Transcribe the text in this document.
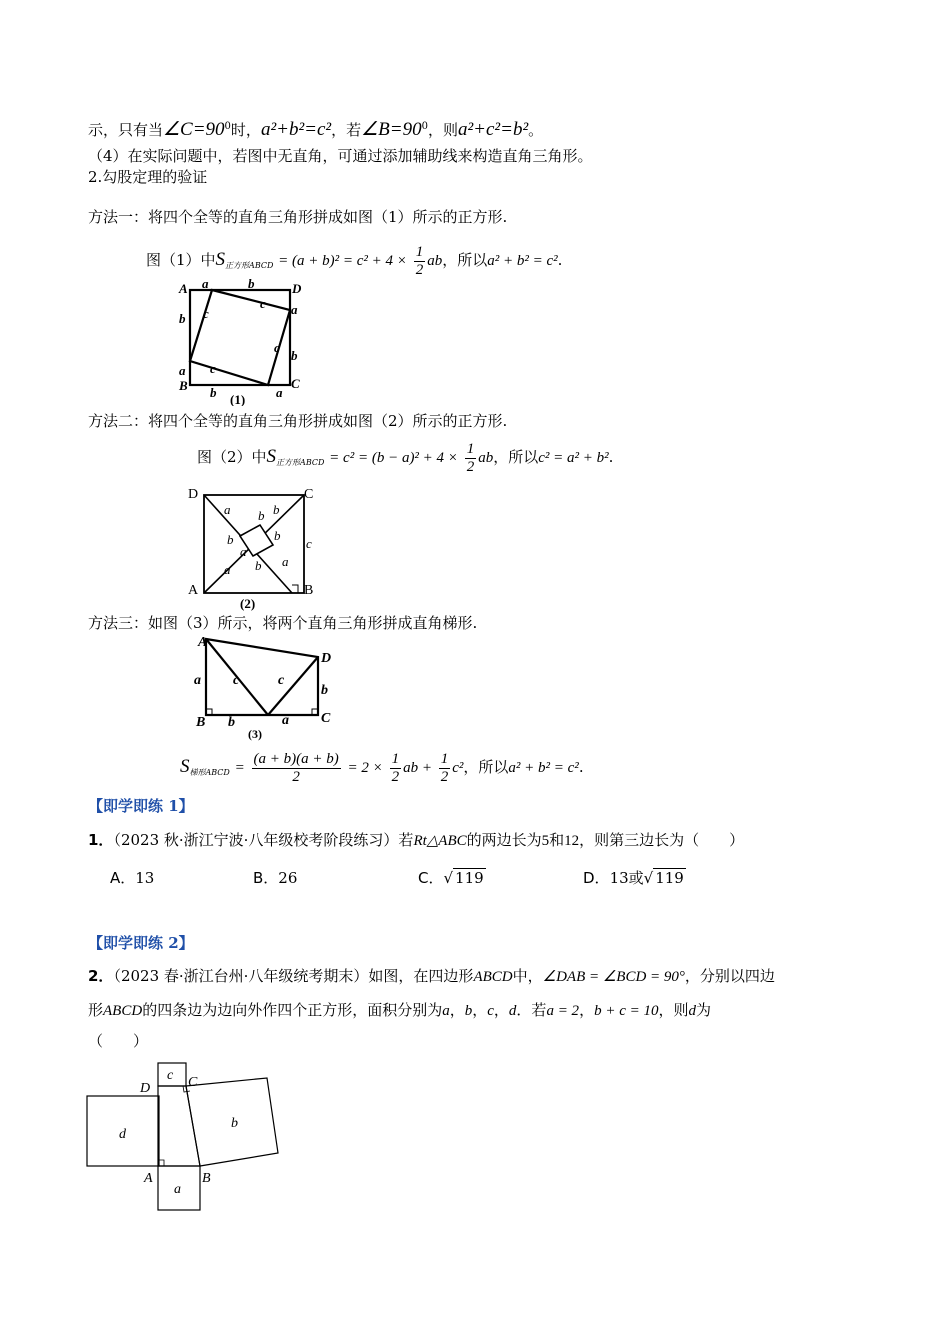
示，只有当$\angle C=90^0$时，a²+b²=c²，若$\angle B=90^0$，则a²+c²=b²。
（4）在实际问题中，若图中无直角，可通过添加辅助线来构造直角三角形。
2.勾股定理的验证
方法一：将四个全等的直角三角形拼成如图（1）所示的正方形.
图（1）中$S_{正方形ABCD} = (a + b)^2 = c^2 + 4 \times \frac{1}{2}$ ab，所以a² + b² = c².
A	D
B	C
a	b
b
a
a
b
b	a
c
c
c
c
(1)
方法二：将四个全等的直角三角形拼成如图（2）所示的正方形.
图（2）中$S_{正方形ABCD} = c^2 = (b - a)^2 + 4 \times \frac{1}{2}$ ab，所以c² = a² + b².
D	C
A	B
a b b
b
a
b
a
a b
c
(2)
方法三：如图（3）所示，将两个直角三角形拼成直角梯形.
A
D
B	C
a c	c
b
b	a
(3)
$S_{梯形ABCD} = \frac{(a + b)(a + b)}{2} = 2 \times \frac{1}{2}$ ab + $\frac{1}{2} c^2$，所以a² + b² = c².
【即学即练 1】
1．（2023 秋·浙江宁波·八年级校考阶段练习）若Rt△ABC的两边长为5和12，则第三边长为（　　）
A．13	B．26	C．√ 119	D．13或√ 119
【即学即练 2】
2．（2023 春·浙江台州·八年级统考期末）如图，在四边形ABCD中，∠DAB = ∠BCD = 90°，分别以四边
形ABCD的四条边为边向外作四个正方形，面积分别为a，b，c，d．若a = 2，b + c = 10，则d为
（　　）
D	C
A	B
c
d
b
a
